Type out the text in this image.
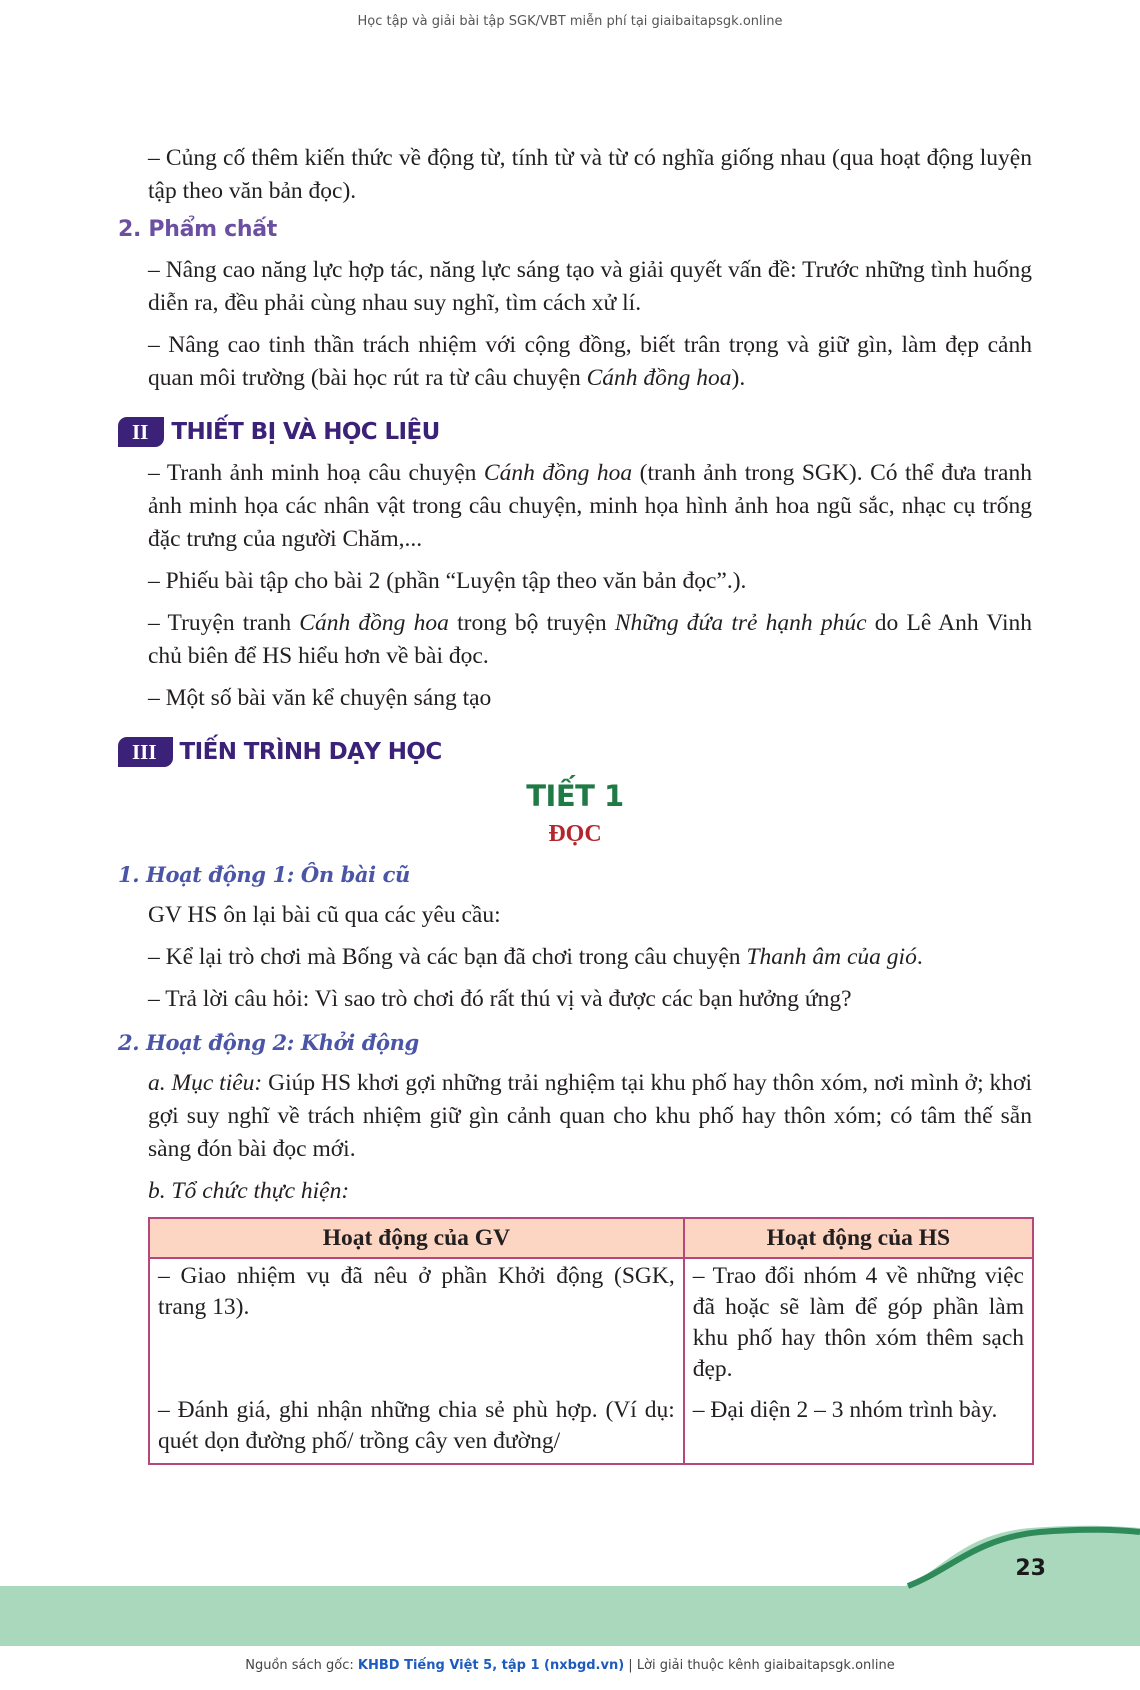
Học tập và giải bài tập SGK/VBT miễn phí tại giaibaitapsgk.online

– Củng cố thêm kiến thức về động từ, tính từ và từ có nghĩa giống nhau (qua hoạt động luyện tập theo văn bản đọc).

2. Phẩm chất

– Nâng cao năng lực hợp tác, năng lực sáng tạo và giải quyết vấn đề: Trước những tình huống diễn ra, đều phải cùng nhau suy nghĩ, tìm cách xử lí.

– Nâng cao tinh thần trách nhiệm với cộng đồng, biết trân trọng và giữ gìn, làm đẹp cảnh quan môi trường (bài học rút ra từ câu chuyện Cánh đồng hoa).

II	THIẾT BỊ VÀ HỌC LIỆU

– Tranh ảnh minh hoạ câu chuyện Cánh đồng hoa (tranh ảnh trong SGK). Có thể đưa tranh ảnh minh họa các nhân vật trong câu chuyện, minh họa hình ảnh hoa ngũ sắc, nhạc cụ trống đặc trưng của người Chăm,...

– Phiếu bài tập cho bài 2 (phần “Luyện tập theo văn bản đọc”.).

– Truyện tranh Cánh đồng hoa trong bộ truyện Những đứa trẻ hạnh phúc do Lê Anh Vinh chủ biên để HS hiểu hơn về bài đọc.

– Một số bài văn kể chuyện sáng tạo

III	TIẾN TRÌNH DẠY HỌC
TIẾT 1
ĐỌC
1. Hoạt động 1: Ôn bài cũ

GV HS ôn lại bài cũ qua các yêu cầu:

– Kể lại trò chơi mà Bống và các bạn đã chơi trong câu chuyện Thanh âm của gió.

– Trả lời câu hỏi: Vì sao trò chơi đó rất thú vị và được các bạn hưởng ứng?

2. Hoạt động 2: Khởi động

a. Mục tiêu: Giúp HS khơi gợi những trải nghiệm tại khu phố hay thôn xóm, nơi mình ở; khơi gợi suy nghĩ về trách nhiệm giữ gìn cảnh quan cho khu phố hay thôn xóm; có tâm thế sẵn sàng đón bài đọc mới.

b. Tổ chức thực hiện:

Hoạt động của GV	Hoạt động của HS
– Giao nhiệm vụ đã nêu ở phần Khởi động (SGK, trang 13).	– Trao đổi nhóm 4 về những việc đã hoặc sẽ làm để góp phần làm khu phố hay thôn xóm thêm sạch đẹp.
– Đánh giá, ghi nhận những chia sẻ phù hợp. (Ví dụ: quét dọn đường phố/ trồng cây ven đường/	– Đại diện 2 – 3 nhóm trình bày.
23
Nguồn sách gốc: KHBD Tiếng Việt 5, tập 1 (nxbgd.vn) | Lời giải thuộc kênh giaibaitapsgk.online
